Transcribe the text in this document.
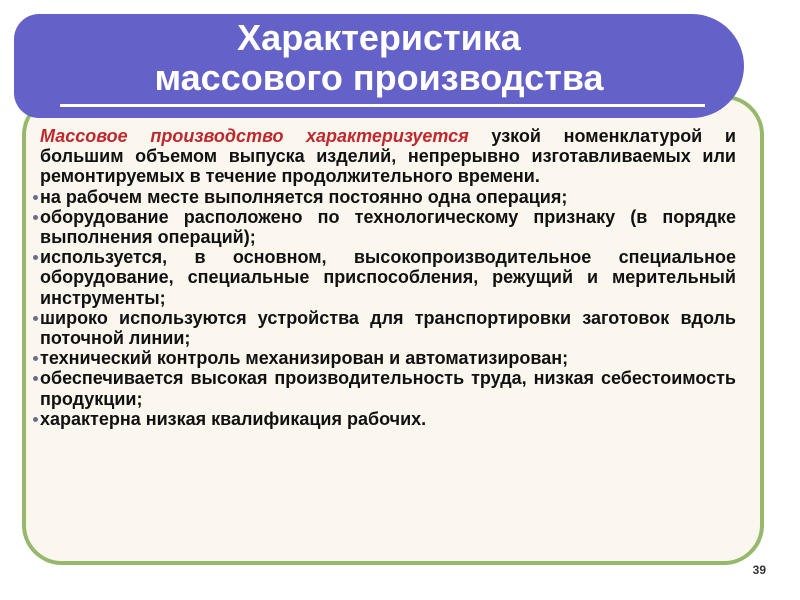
Характеристика
массового производства

Массовое производство характеризуется узкой номенклатурой и большим объемом выпуска изделий, непрерывно изготавливаемых или ремонтируемых в течение продолжительного времени.

на рабочем месте выполняется постоянно одна операция;

оборудование расположено по технологическому признаку (в порядке выполнения операций);

используется, в основном, высокопроизводительное специальное оборудование, специальные приспособления, режущий и мерительный инструменты;

широко используются устройства для транспортировки заготовок вдоль поточной линии;

технический контроль механизирован и автоматизирован;

обеспечивается высокая производительность труда, низкая себестоимость продукции;

характерна низкая квалификация рабочих.

39
